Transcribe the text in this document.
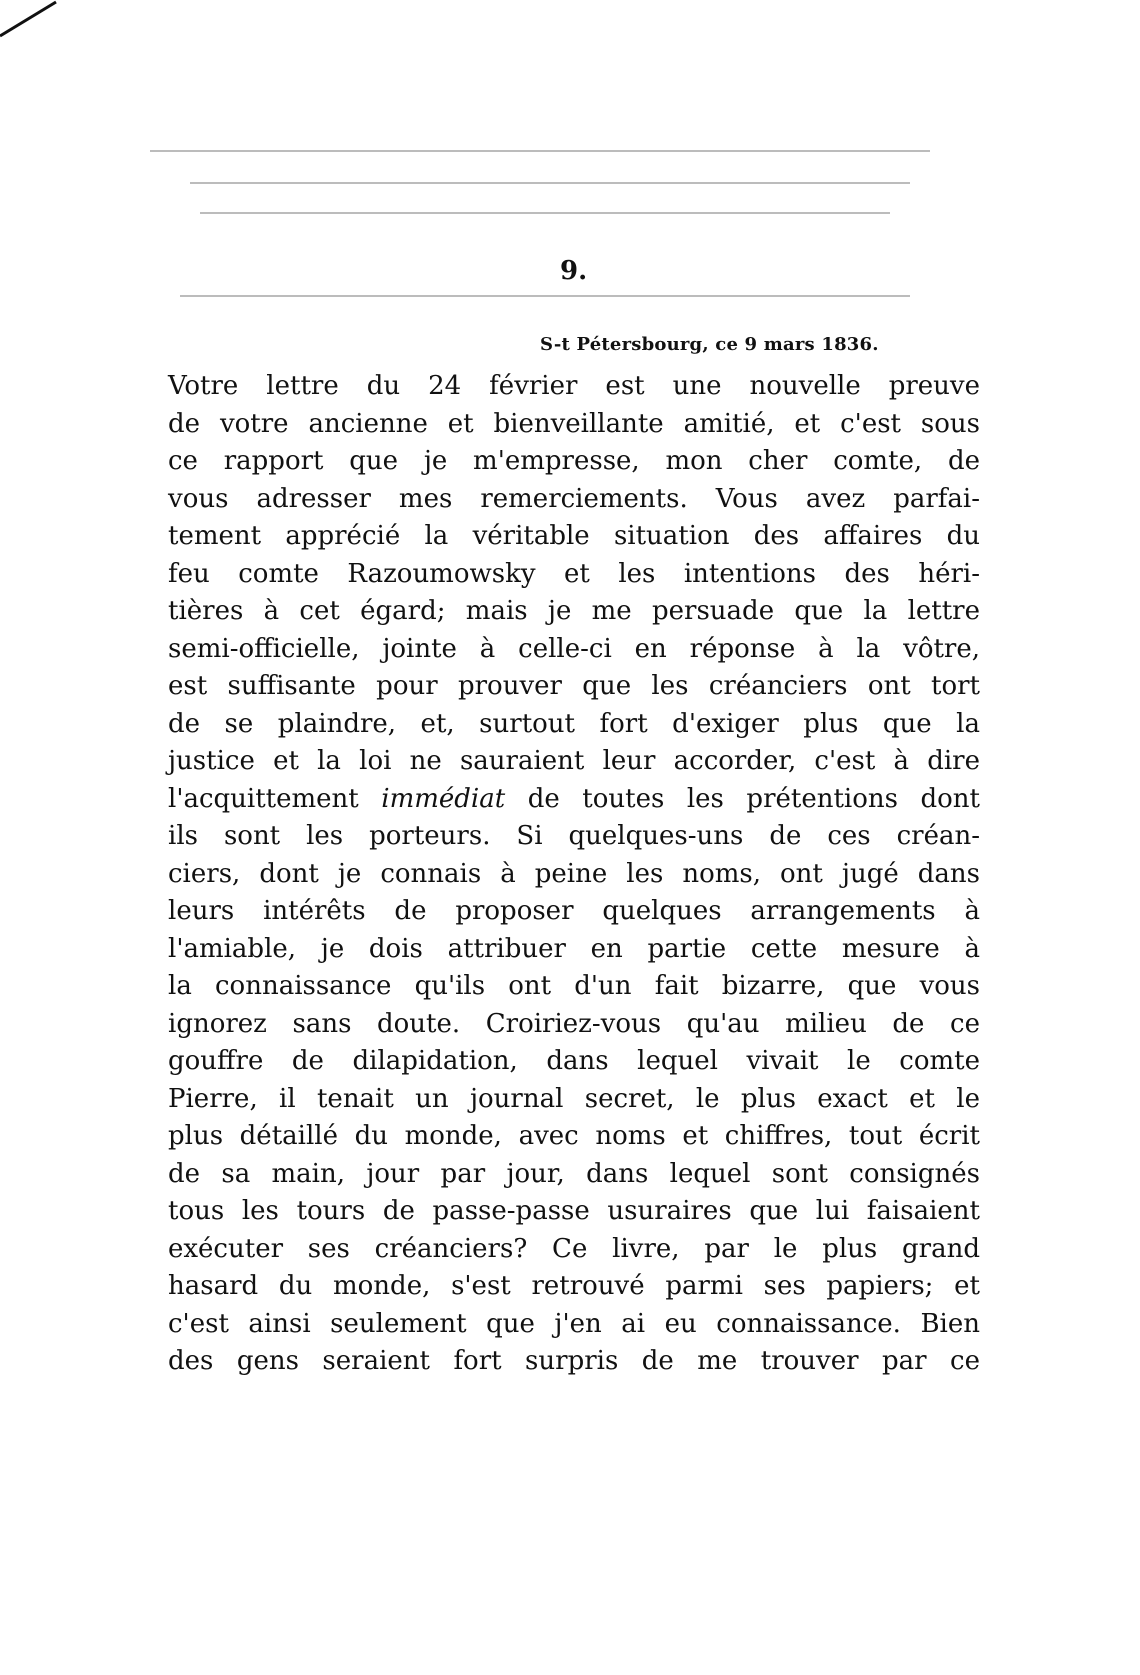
9.
S-t Pétersbourg, ce 9 mars 1836.
Votre lettre du 24 février est une nouvelle preuve
de votre ancienne et bienveillante amitié, et c'est sous
ce rapport que je m'empresse, mon cher comte, de
vous adresser mes remerciements. Vous avez parfai-
tement apprécié la véritable situation des affaires du
feu comte Razoumowsky et les intentions des héri-
tières à cet égard; mais je me persuade que la lettre
semi-officielle, jointe à celle-ci en réponse à la vôtre,
est suffisante pour prouver que les créanciers ont tort
de se plaindre, et, surtout fort d'exiger plus que la
justice et la loi ne sauraient leur accorder, c'est à dire
l'acquittement immédiat de toutes les prétentions dont
ils sont les porteurs. Si quelques-uns de ces créan-
ciers, dont je connais à peine les noms, ont jugé dans
leurs intérêts de proposer quelques arrangements à
l'amiable, je dois attribuer en partie cette mesure à
la connaissance qu'ils ont d'un fait bizarre, que vous
ignorez sans doute. Croiriez-vous qu'au milieu de ce
gouffre de dilapidation, dans lequel vivait le comte
Pierre, il tenait un journal secret, le plus exact et le
plus détaillé du monde, avec noms et chiffres, tout écrit
de sa main, jour par jour, dans lequel sont consignés
tous les tours de passe-passe usuraires que lui faisaient
exécuter ses créanciers? Ce livre, par le plus grand
hasard du monde, s'est retrouvé parmi ses papiers; et
c'est ainsi seulement que j'en ai eu connaissance. Bien
des gens seraient fort surpris de me trouver par ce
